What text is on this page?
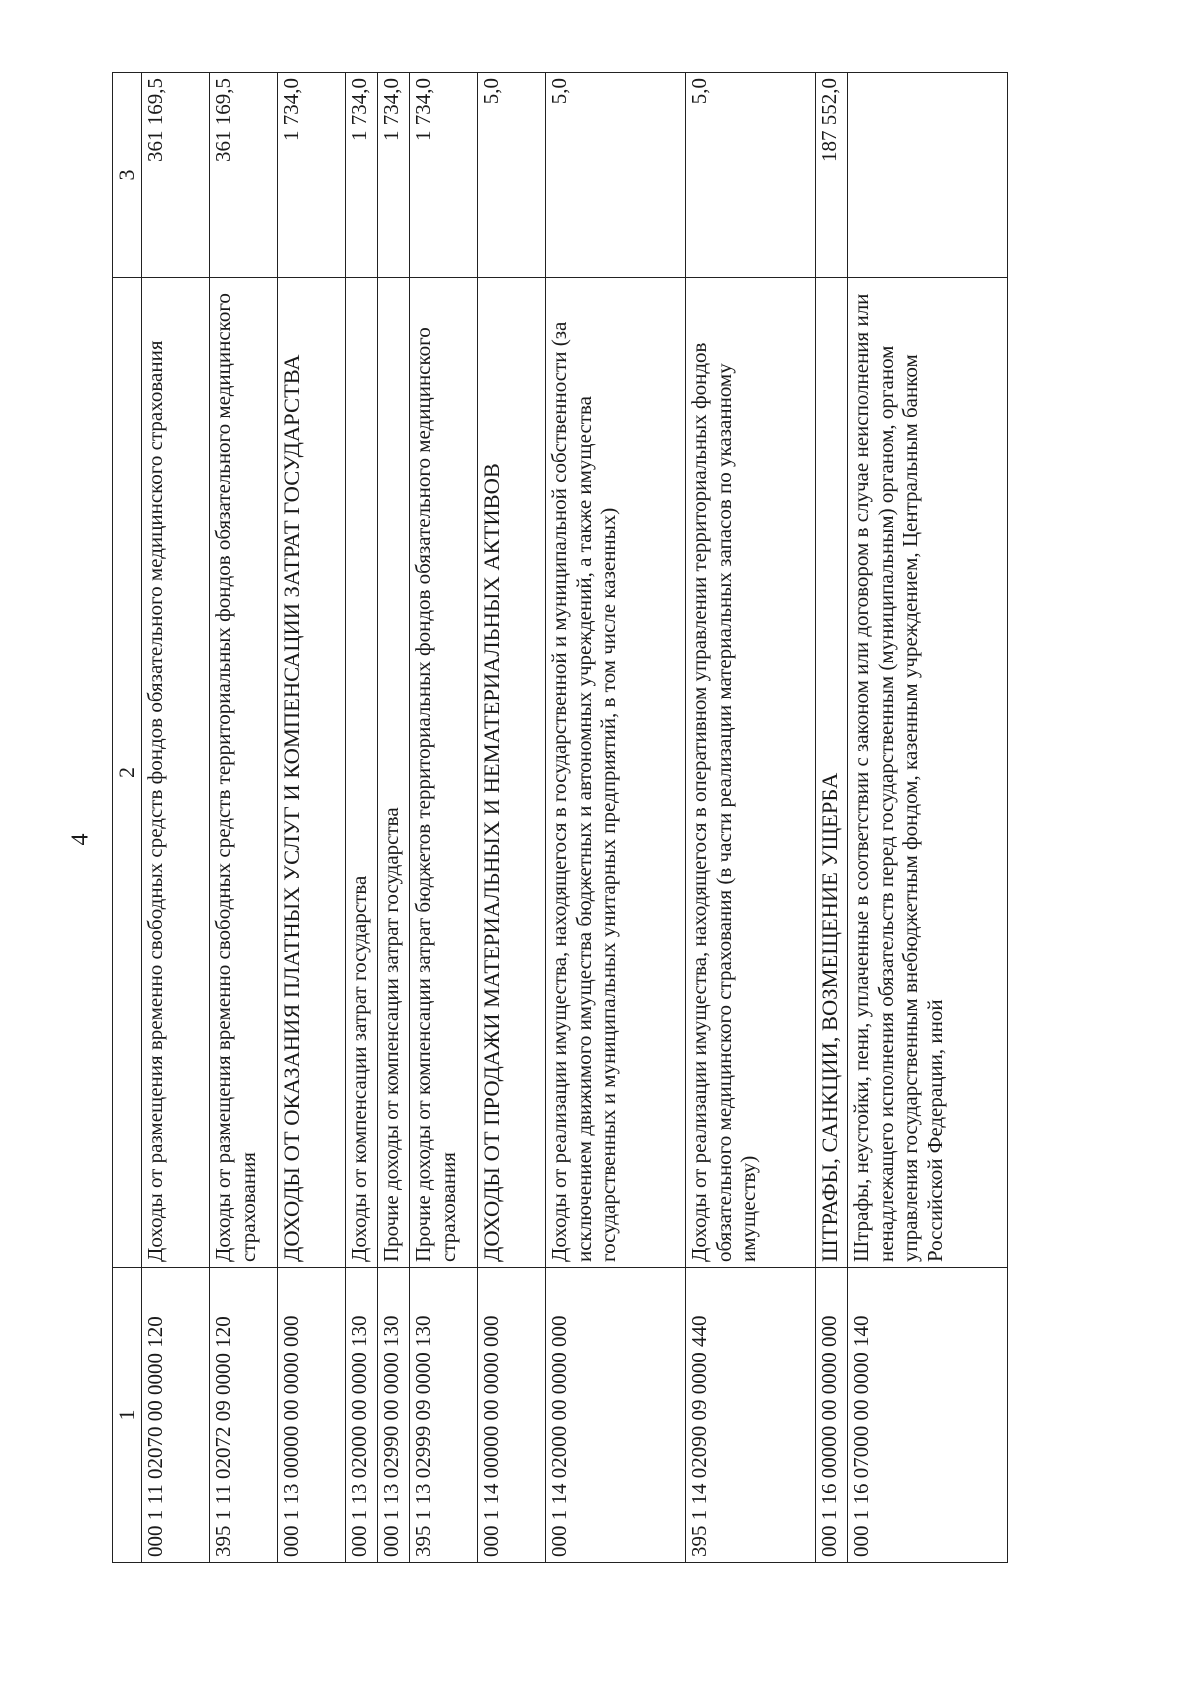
4
1	2	3
000 1 11 02070 00 0000 120	Доходы от размещения временно свободных средств фондов обязательного медицинского страхования	361 169,5
395 1 11 02072 09 0000 120	Доходы от размещения временно свободных средств территориальных фондов обязательного медицинского страхования	361 169,5
000 1 13 00000 00 0000 000	ДОХОДЫ ОТ ОКАЗАНИЯ ПЛАТНЫХ УСЛУГ И КОМПЕНСАЦИИ ЗАТРАТ ГОСУДАРСТВА	1 734,0
000 1 13 02000 00 0000 130	Доходы от компенсации затрат государства	1 734,0
000 1 13 02990 00 0000 130	Прочие доходы от компенсации затрат государства	1 734,0
395 1 13 02999 09 0000 130	Прочие доходы от компенсации затрат бюджетов территориальных фондов обязательного медицинского страхования	1 734,0
000 1 14 00000 00 0000 000	ДОХОДЫ ОТ ПРОДАЖИ МАТЕРИАЛЬНЫХ И НЕМАТЕРИАЛЬНЫХ АКТИВОВ	5,0
000 1 14 02000 00 0000 000	Доходы от реализации имущества, находящегося в государственной и муниципальной собственности (за исключением движимого имущества бюджетных и автономных учреждений, а также имущества государственных и муниципальных унитарных предприятий, в том числе казенных)	5,0
395 1 14 02090 09 0000 440	Доходы от реализации имущества, находящегося в оперативном управлении территориальных фондов обязательного медицинского страхования (в части реализации материальных запасов по указанному имуществу)	5,0
000 1 16 00000 00 0000 000	ШТРАФЫ, САНКЦИИ, ВОЗМЕЩЕНИЕ УЩЕРБА	187 552,0
000 1 16 07000 00 0000 140	Штрафы, неустойки, пени, уплаченные в соответствии с законом или договором в случае неисполнения или ненадлежащего исполнения обязательств перед государственным (муниципальным) органом, органом управления государственным внебюджетным фондом, казенным учреждением, Центральным банком Российской Федерации, иной	
